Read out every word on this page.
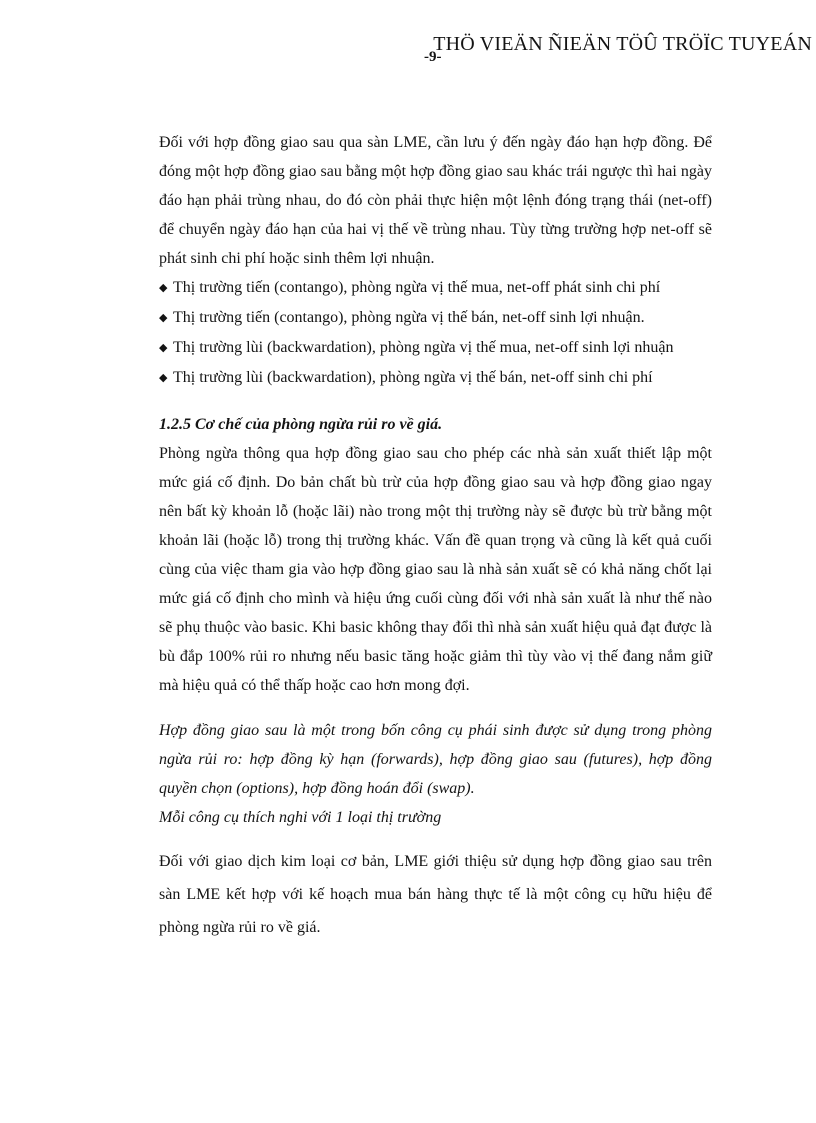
-9-
THÖ VIEÄN ÑIEÄN TÖÛ TRÖÏC TUYEÁN

Đối với hợp đồng giao sau qua sàn LME, cần lưu ý đến ngày đáo hạn hợp đồng. Để đóng một hợp đồng giao sau bằng một hợp đồng giao sau khác trái ngược thì hai ngày đáo hạn phải trùng nhau, do đó còn phải thực hiện một lệnh đóng trạng thái (net-off) để chuyển ngày đáo hạn của hai vị thế về trùng nhau. Tùy từng trường hợp net-off sẽ phát sinh chi phí hoặc sinh thêm lợi nhuận.

◆ Thị trường tiến (contango), phòng ngừa vị thế mua, net-off phát sinh chi phí
◆ Thị trường tiến (contango), phòng ngừa vị thế bán, net-off sinh lợi nhuận.
◆ Thị trường lùi (backwardation), phòng ngừa vị thế mua, net-off sinh lợi nhuận
◆ Thị trường lùi (backwardation), phòng ngừa vị thế bán, net-off sinh chi phí

1.2.5 Cơ chế của phòng ngừa rủi ro về giá.

Phòng ngừa thông qua hợp đồng giao sau cho phép các nhà sản xuất thiết lập một mức giá cố định. Do bản chất bù trừ của hợp đồng giao sau và hợp đồng giao ngay nên bất kỳ khoản lỗ (hoặc lãi) nào trong một thị trường này sẽ được bù trừ bằng một khoản lãi (hoặc lỗ) trong thị trường khác. Vấn đề quan trọng và cũng là kết quả cuối cùng của việc tham gia vào hợp đồng giao sau là nhà sản xuất sẽ có khả năng chốt lại mức giá cố định cho mình và hiệu ứng cuối cùng đối với nhà sản xuất là như thế nào sẽ phụ thuộc vào basic. Khi basic không thay đổi thì nhà sản xuất hiệu quả đạt được là bù đắp 100% rủi ro nhưng nếu basic tăng hoặc giảm thì tùy vào vị thế đang nắm giữ mà hiệu quả có thể thấp hoặc cao hơn mong đợi.

Hợp đồng giao sau là một trong bốn công cụ phái sinh được sử dụng trong phòng ngừa rủi ro: hợp đồng kỳ hạn (forwards), hợp đồng giao sau (futures), hợp đồng quyền chọn (options), hợp đồng hoán đổi (swap).

Mỗi công cụ thích nghi với 1 loại thị trường

Đối với giao dịch kim loại cơ bản, LME giới thiệu sử dụng hợp đồng giao sau trên sàn LME kết hợp với kế hoạch mua bán hàng thực tế là một công cụ hữu hiệu để phòng ngừa rủi ro về giá.
